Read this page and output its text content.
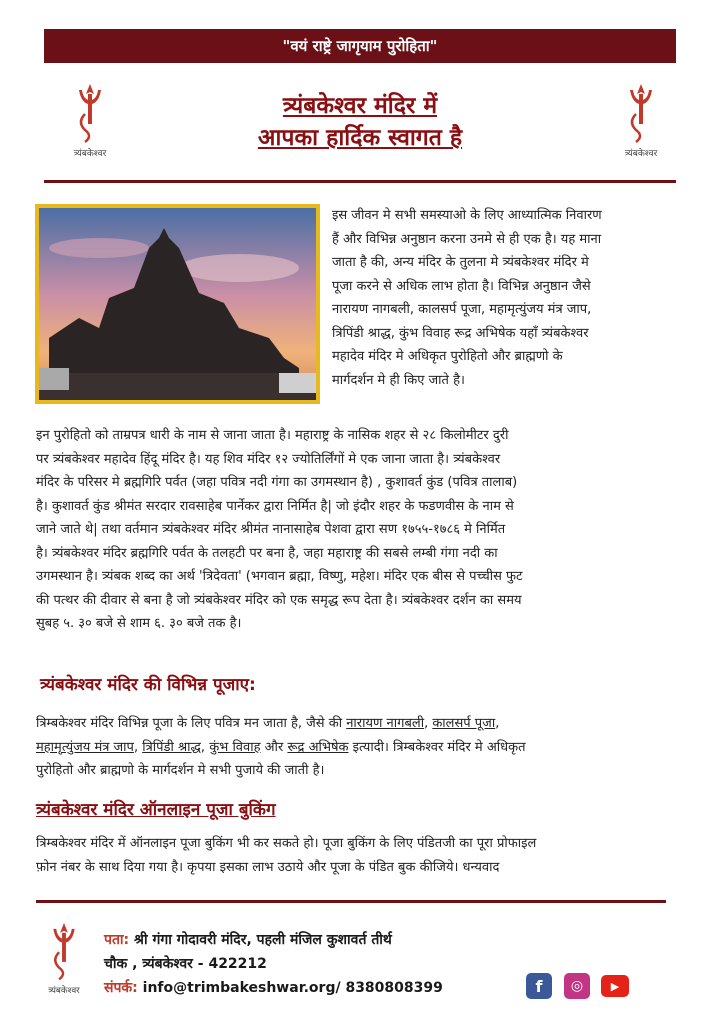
"वयं राष्ट्रे जागृयाम पुरोहिता"
त्र्यंबकेश्वर	त्र्यंबकेश्वर
त्र्यंबकेश्वर मंदिर में
आपका हार्दिक स्वागत है
इस जीवन मे सभी समस्याओ के लिए आध्यात्मिक निवारण
हैं और विभिन्न अनुष्ठान करना उनमे से ही एक है। यह माना
जाता है की, अन्य मंदिर के तुलना मे त्र्यंबकेश्वर मंदिर मे
पूजा करने से अधिक लाभ होता है। विभिन्न अनुष्ठान जैसे
नारायण नागबली, कालसर्प पूजा, महामृत्युंजय मंत्र जाप,
त्रिपिंडी श्राद्ध, कुंभ विवाह रूद्र अभिषेक यहाँ त्र्यंबकेश्वर
महादेव मंदिर मे अधिकृत पुरोहितो और ब्राह्मणो के
मार्गदर्शन मे ही किए जाते है।
इन पुरोहितो को ताम्रपत्र धारी के नाम से जाना जाता है। महाराष्ट्र के नासिक शहर से २८ किलोमीटर दुरी
पर त्र्यंबकेश्वर महादेव हिंदू मंदिर है। यह शिव मंदिर १२ ज्योतिर्लिंगों मे एक जाना जाता है। त्र्यंबकेश्वर
मंदिर के परिसर मे ब्रह्मगिरि पर्वत (जहा पवित्र नदी गंगा का उगमस्थान है) , कुशावर्त कुंड (पवित्र तालाब)
है। कुशावर्त कुंड श्रीमंत सरदार रावसाहेब पार्नेकर द्वारा निर्मित है| जो इंदौर शहर के फडणवीस के नाम से
जाने जाते थे| तथा वर्तमान त्र्यंबकेश्वर मंदिर श्रीमंत नानासाहेब पेशवा द्वारा सण १७५५-१७८६ मे निर्मित
है। त्र्यंबकेश्वर मंदिर ब्रह्मगिरि पर्वत के तलहटी पर बना है, जहा महाराष्ट्र की सबसे लम्बी गंगा नदी का
उगमस्थान है। त्र्यंबक शब्द का अर्थ 'त्रिदेवता' (भगवान ब्रह्मा, विष्णु, महेश। मंदिर एक बीस से पच्चीस फुट
की पत्थर की दीवार से बना है जो त्र्यंबकेश्वर मंदिर को एक समृद्ध रूप देता है। त्र्यंबकेश्वर दर्शन का समय
सुबह ५. ३० बजे से शाम ६. ३० बजे तक है।
त्र्यंबकेश्वर मंदिर की विभिन्न पूजाए:
त्रिम्बकेश्वर मंदिर विभिन्न पूजा के लिए पवित्र मन जाता है, जैसे की नारायण नागबली, कालसर्प पूजा,
महामृत्युंजय मंत्र जाप, त्रिपिंडी श्राद्ध, कुंभ विवाह और रूद्र अभिषेक इत्यादी। त्रिम्बकेश्वर मंदिर मे अधिकृत
पुरोहितो और ब्राह्मणो के मार्गदर्शन मे सभी पुजाये की जाती है।
त्र्यंबकेश्वर मंदिर ऑनलाइन पूजा बुकिंग
त्रिम्बकेश्वर मंदिर में ऑनलाइन पूजा बुकिंग भी कर सकते हो। पूजा बुकिंग के लिए पंडितजी का पूरा प्रोफाइल
फ़ोन नंबर के साथ दिया गया है। कृपया इसका लाभ उठाये और पूजा के पंडित बुक कीजिये। धन्यवाद
त्र्यंबकेश्वर
पता: श्री गंगा गोदावरी मंदिर, पहली मंजिल कुशावर्त तीर्थ
चौक , त्र्यंबकेश्वर - 422212
संपर्क: info@trimbakeshwar.org/ 8380808399	f	◎	▶
